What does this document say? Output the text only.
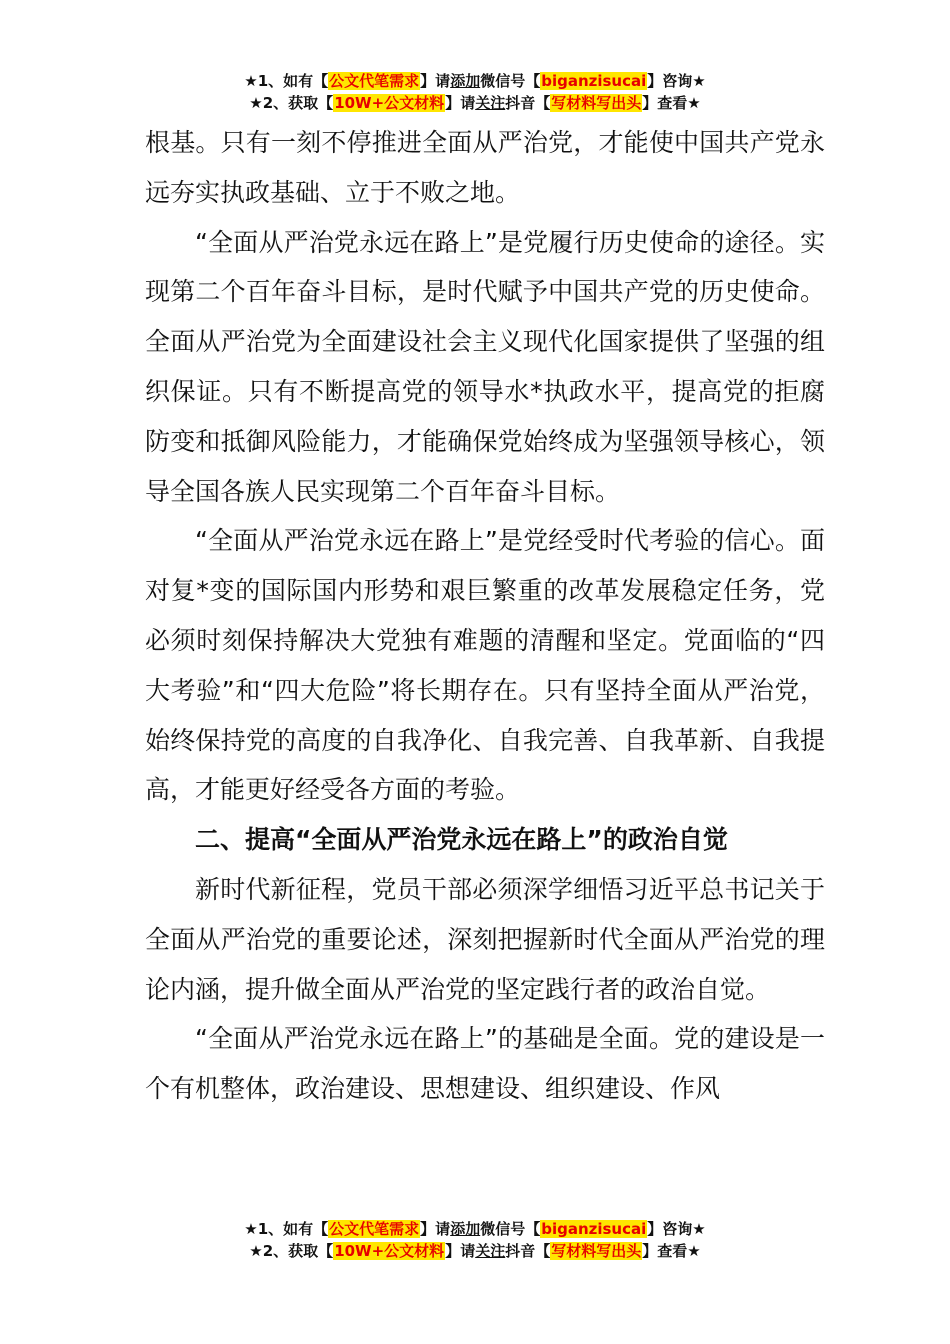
★1、如有【公文代笔需求】请添加微信号【biganzisucai】咨询★
★2、获取【10W+公文材料】请关注抖音【写材料写出头】查看★

根基。只有一刻不停推进全面从严治党，才能使中国共产党永远夯实执政基础、立于不败之地。

“全面从严治党永远在路上”是党履行历史使命的途径。实现第二个百年奋斗目标，是时代赋予中国共产党的历史使命。全面从严治党为全面建设社会主义现代化国家提供了坚强的组织保证。只有不断提高党的领导水*执政水平，提高党的拒腐防变和抵御风险能力，才能确保党始终成为坚强领导核心，领导全国各族人民实现第二个百年奋斗目标。

“全面从严治党永远在路上”是党经受时代考验的信心。面对复*变的国际国内形势和艰巨繁重的改革发展稳定任务，党必须时刻保持解决大党独有难题的清醒和坚定。党面临的“四大考验”和“四大危险”将长期存在。只有坚持全面从严治党，始终保持党的高度的自我净化、自我完善、自我革新、自我提高，才能更好经受各方面的考验。

二、提高“全面从严治党永远在路上”的政治自觉

新时代新征程，党员干部必须深学细悟习近平总书记关于全面从严治党的重要论述，深刻把握新时代全面从严治党的理论内涵，提升做全面从严治党的坚定践行者的政治自觉。

“全面从严治党永远在路上”的基础是全面。党的建设是一个有机整体，政治建设、思想建设、组织建设、作风

★1、如有【公文代笔需求】请添加微信号【biganzisucai】咨询★
★2、获取【10W+公文材料】请关注抖音【写材料写出头】查看★
